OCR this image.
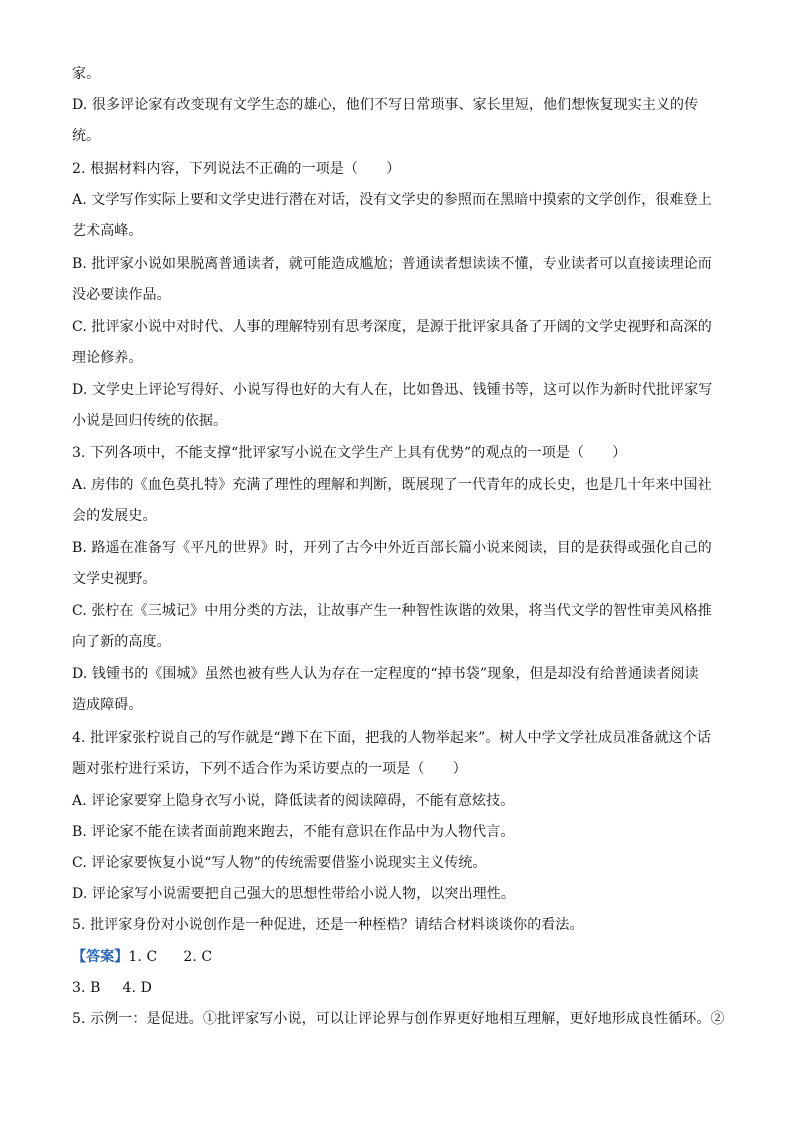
家。
D. 很多评论家有改变现有文学生态的雄心，他们不写日常琐事、家长里短，他们想恢复现实主义的传
统。
2. 根据材料内容，下列说法不正确的一项是（　　）
A. 文学写作实际上要和文学史进行潜在对话，没有文学史的参照而在黑暗中摸索的文学创作，很难登上
艺术高峰。
B. 批评家小说如果脱离普通读者，就可能造成尴尬；普通读者想读读不懂，专业读者可以直接读理论而
没必要读作品。
C. 批评家小说中对时代、人事的理解特别有思考深度，是源于批评家具备了开阔的文学史视野和高深的
理论修养。
D. 文学史上评论写得好、小说写得也好的大有人在，比如鲁迅、钱锺书等，这可以作为新时代批评家写
小说是回归传统的依据。
3. 下列各项中，不能支撑“批评家写小说在文学生产上具有优势”的观点的一项是（　　）
A. 房伟的《血色莫扎特》充满了理性的理解和判断，既展现了一代青年的成长史，也是几十年来中国社
会的发展史。
B. 路遥在准备写《平凡的世界》时，开列了古今中外近百部长篇小说来阅读，目的是获得或强化自己的
文学史视野。
C. 张柠在《三城记》中用分类的方法，让故事产生一种智性诙谐的效果，将当代文学的智性审美风格推
向了新的高度。
D. 钱锺书的《围城》虽然也被有些人认为存在一定程度的“掉书袋”现象，但是却没有给普通读者阅读
造成障碍。
4. 批评家张柠说自己的写作就是“蹲下在下面，把我的人物举起来”。树人中学文学社成员准备就这个话
题对张柠进行采访，下列不适合作为采访要点的一项是（　　）
A. 评论家要穿上隐身衣写小说，降低读者的阅读障碍，不能有意炫技。
B. 评论家不能在读者面前跑来跑去，不能有意识在作品中为人物代言。
C. 评论家要恢复小说“写人物”的传统需要借鉴小说现实主义传统。
D. 评论家写小说需要把自己强大的思想性带给小说人物，以突出理性。
5. 批评家身份对小说创作是一种促进，还是一种桎梏？请结合材料谈谈你的看法。
【答案】1. C 2. C
3. B 4. D
5. 示例一：是促进。①批评家写小说，可以让评论界与创作界更好地相互理解，更好地形成良性循环。②
